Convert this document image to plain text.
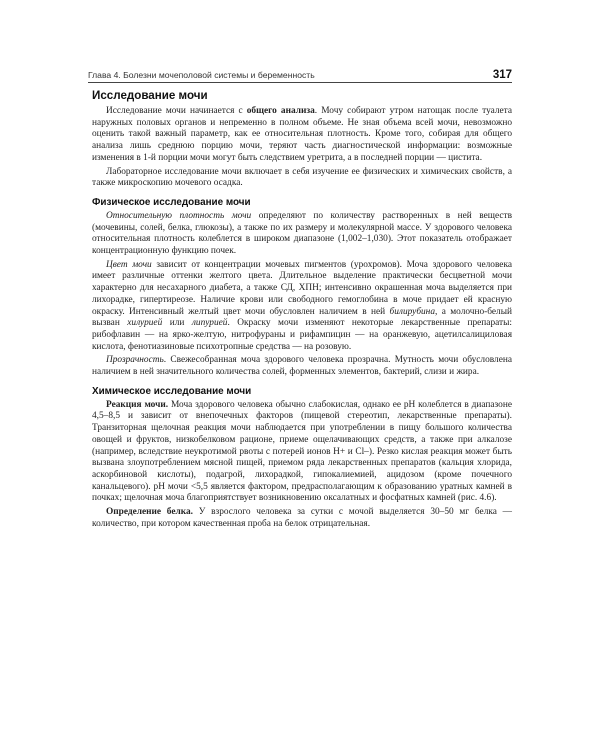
Глава 4. Болезни мочеполовой системы и беременность	317
Исследование мочи

Исследование мочи начинается с общего анализа. Мочу собирают утром натощак после туалета наружных половых органов и непременно в полном объеме. Не зная объема всей мочи, невозможно оценить такой важный параметр, как ее относительная плотность. Кроме того, собирая для общего анализа лишь среднюю порцию мочи, теряют часть диагностической информации: возможные изменения в 1-й порции мочи могут быть следствием уретрита, а в последней порции — цистита.

Лабораторное исследование мочи включает в себя изучение ее физических и химических свойств, а также микроскопию мочевого осадка.

Физическое исследование мочи

Относительную плотность мочи определяют по количеству растворенных в ней веществ (мочевины, солей, белка, глюкозы), а также по их размеру и молекулярной массе. У здорового человека относительная плотность колеблется в широком диапазоне (1,002–1,030). Этот показатель отображает концентрационную функцию почек.

Цвет мочи зависит от концентрации мочевых пигментов (урохромов). Моча здорового человека имеет различные оттенки желтого цвета. Длительное выделение практически бесцветной мочи характерно для несахарного диабета, а также СД, ХПН; интенсивно окрашенная моча выделяется при лихорадке, гипертиреозе. Наличие крови или свободного гемоглобина в моче придает ей красную окраску. Интенсивный желтый цвет мочи обусловлен наличием в ней билирубина, а молочно-белый вызван хилурией или липурией. Окраску мочи изменяют некоторые лекарственные препараты: рибофлавин — на ярко-желтую, нитрофураны и рифампицин — на оранжевую, ацетилсалициловая кислота, фенотиазиновые психотропные средства — на розовую.

Прозрачность. Свежесобранная моча здорового человека прозрачна. Мутность мочи обусловлена наличием в ней значительного количества солей, форменных элементов, бактерий, слизи и жира.

Химическое исследование мочи

Реакция мочи. Моча здорового человека обычно слабокислая, однако ее pH колеблется в диапазоне 4,5–8,5 и зависит от внепочечных факторов (пищевой стереотип, лекарственные препараты). Транзиторная щелочная реакция мочи наблюдается при употреблении в пищу большого количества овощей и фруктов, низкобелковом рационе, приеме ощелачивающих средств, а также при алкалозе (например, вследствие неукротимой рвоты с потерей ионов H+ и Cl–). Резко кислая реакция может быть вызвана злоупотреблением мясной пищей, приемом ряда лекарственных препаратов (кальция хлорида, аскорбиновой кислоты), подагрой, лихорадкой, гипокалиемией, ацидозом (кроме почечного канальцевого). pH мочи <5,5 является фактором, предрасполагающим к образованию уратных камней в почках; щелочная моча благоприятствует возникновению оксалатных и фосфатных камней (рис. 4.6).

Определение белка. У взрослого человека за сутки с мочой выделяется 30–50 мг белка — количество, при котором качественная проба на белок отрицательная.
